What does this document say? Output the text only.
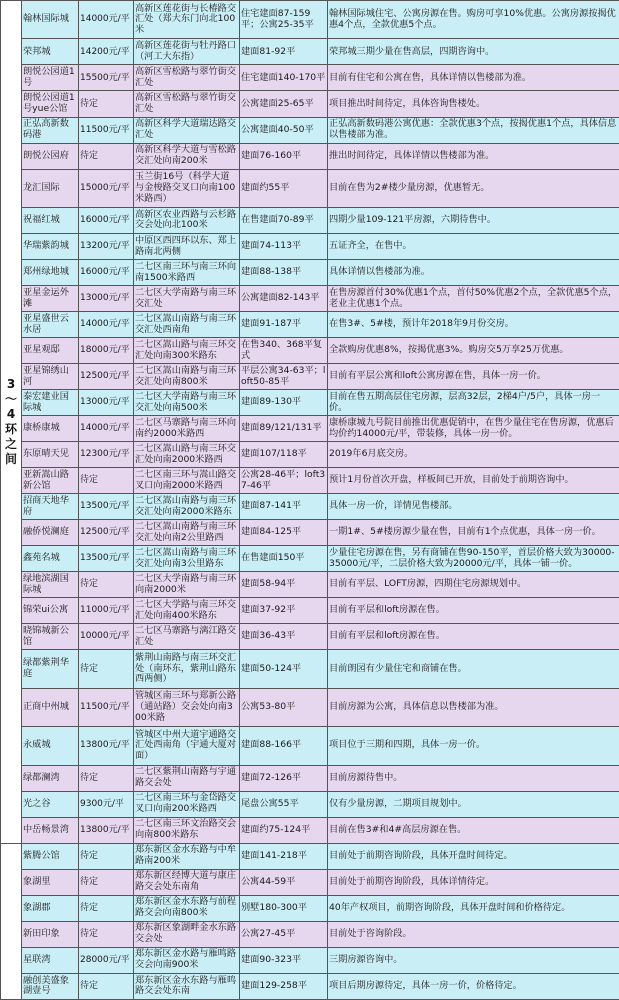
3～4环之间	翰林国际城	14000元/平	高新区莲花街与长椿路交汇处（郑大东门向北100米	住宅建面87-159平；公寓25-35平	翰林国际城住宅、公寓房源在售。购房可享10%优惠。公寓房源按揭优惠4个点，全款优惠5个点。
	荣邦城	14200元/平	高新区莲花街与牡丹路口（河工大东指）	建面81-92平	荣邦城三期少量在售高层，四期咨询中。
	朗悦公园道1号	15500元/平	高新区雪松路与翠竹街交汇处	住宅建面140-170平	目前有住宅和公寓在售，具体详情以售楼部为准。
	朗悦公园道1号yue公馆	待定	高新区雪松路与翠竹街交汇处	公寓建面25-65平	项目推出时间待定，具体咨询售楼处。
	正弘高新数码港	11500元/平	高新区科学大道瑞达路交汇处	公寓建面40-50平	正弘高新数码港公寓优惠：全款优惠3个点，按揭优惠1个点，具体信息以售楼部为准。
	朗悦公园府	待定	高新区科学大道与雪松路交汇处向南200米	建面76-160平	推出时间待定，具体详情以售楼部为准。
	龙汇国际	15000元/平	玉兰街16号（科学大道与金梭路交叉口向南100米路西）	建面约55平	目前在售为2#楼少量房源，优惠暂无。
	祝福红城	16000元/平	高新区农业西路与云杉路交会处向北100米	在售建面70-89平	四期少量109-121平房源，六期待售中。
	华瑞紫韵城	13200元/平	中原区西四环以东、郑上路南北两侧	建面74-113平	五证齐全，在售中。
	郑州绿地城	16000元/平	二七区南三环与南三环向南1500米路西	建面88-138平	具体详情以售楼部为准。
	亚星金运外滩	13000元/平	二七区大学南路与南三环交汇处	公寓建面82-143平	在售房源首付30%优惠1个点，首付50%优惠2个点，全款优惠5个点，老业主优惠1个点。
	亚星盛世云水居	14000元/平	二七区嵩山南路与南三环交汇处西南角	建面91-187平	在售3#、5#楼，预计年2018年9月份交房。
	亚星观邸	18000元/平	二七区嵩山路与南三环交汇处向南300米路东	在售340、368平复式	全款购房优惠8%，按揭优惠3%。购房交5万享25万优惠。
	亚星锦绣山河	12500元/平	二七区嵩山南路与南三环交汇处向南800米	平层公寓34-63平；loft50-85平	目前有平层公寓和loft公寓房源在售，具体一房一价。
	泰宏建业国际城	13000元/平	二七区大学南路与南三环交汇处向南500米	建面89-130平	目前在售五期高层住宅房源，层高32层，2梯4户/5户，具体一房一价。
	康桥康城	14000元/平	二七区马寨路与南三环向南约2000米路西	建面89/121/131平	康桥康城九号院目前推出优惠促销中，在售少量住宅在售房源，优惠后均价约14000元/平，带装修，具体一房一价。
	东原晴天见	12300元/平	二七区嵩山路与南三环交汇处向南2000米路西	建面107/118平	2019年6月底交房。
	亚新嵩山路新公馆	待定	二七区南三环与嵩山路交叉口向南2000米路西	公寓28-46平；loft37-46平	预计1月份首次开盘，样板间已开放，目前处于前期咨询中。
	招商天地华府	13500元/平	二七区嵩山南路与南三环交汇处向南2000米路东	建面87-141平	具体一房一价，详情见售楼部。
	融侨悦澜庭	12500元/平	二七区嵩山南路与南三环交汇处向南2公里路西	建面84-125平	一期1#、5#楼房源少量在售，目前有1个点优惠，具体一房一价。
	鑫苑名城	13500元/平	二七区嵩山南路与南三环交汇处向南3公里路东	在售建面150平	少量住宅房源在售，另有商铺在售90-150平，首层价格大致为30000-35000元/平，二层价格大致为20000元/平，具体一铺一价。
	绿地滨湖国际城	待定	二七区大学南路与南三环向南2000米	建面58-94平	目前有平层、LOFT房源，四期住宅房源规划中。
	锦荣ui公寓	11000元/平	二七区大学路与南三环交汇处向南400米路东	建面37-92平	目前有平层和loft房源在售。
	晓锦城新公馆	10000元/平	二七区马寨路与漓江路交汇处	建面36-43平	目前有平层和loft房源在售。
	绿都紫荆华庭	待定	紫荆山南路与南三环交汇处（南环东，紫荆山路东西两侧）	建面50-124平	目前朗园有少量住宅和商铺在售。
	正商中州城	11500元/平	管城区南三环与郑新公路（通站路）交会处向南300米路	公寓53-80平	目前房源为公寓，具体信息以售楼部为准。
	永威城	13800元/平	管城区中州大道宇通路交汇处西南角（宇通大厦对面）	建面88-166平	项目位于三期和四期，具体一房一价。
	绿都澜湾	待定	二七区紫荆山南路与宇通路交会处	建面72-126平	目前房源待售中。
	光之谷	9300元/平	二七区南三环与金岱路交叉口向南200米路西	尾盘公寓55平	仅有少量房源，二期项目规划中。
	中岳畅景湾	13800元/平	二七区南三环文治路交会向南800米路东	建面约75-124平	目前在售3#和4#高层房源在售。
	紫腾公馆	待定	郑东新区金水东路与中牟路南200米	建面141-218平	目前处于前期咨询阶段，具体开盘时间待定。
	象湖里	待定	郑东新区经博大道与康庄路交会处东南角	公寓44-59平	目前处于前期咨询阶段，具体详情待定。
	象湖郡	待定	郑东新区金水东路与前程路交会向南800米	别墅180-300平	40年产权项目，前期咨询阶段，具体开盘时间和价格待定。
	新田印象	待定	郑东新区象湖畔金水东路交会处	公寓27-45平	目前处于咨询阶段。
	星联湾	28000元/平	郑东新区金水路与雁鸣路交会向南900米	建面90-323平	三期房源咨询中。
	融创美盛象湖壹号	待定	郑东新区金水东路与雁鸣路交会处东南	建面129-258平	项目后期房源待定，具体一房一价，价格待定。
